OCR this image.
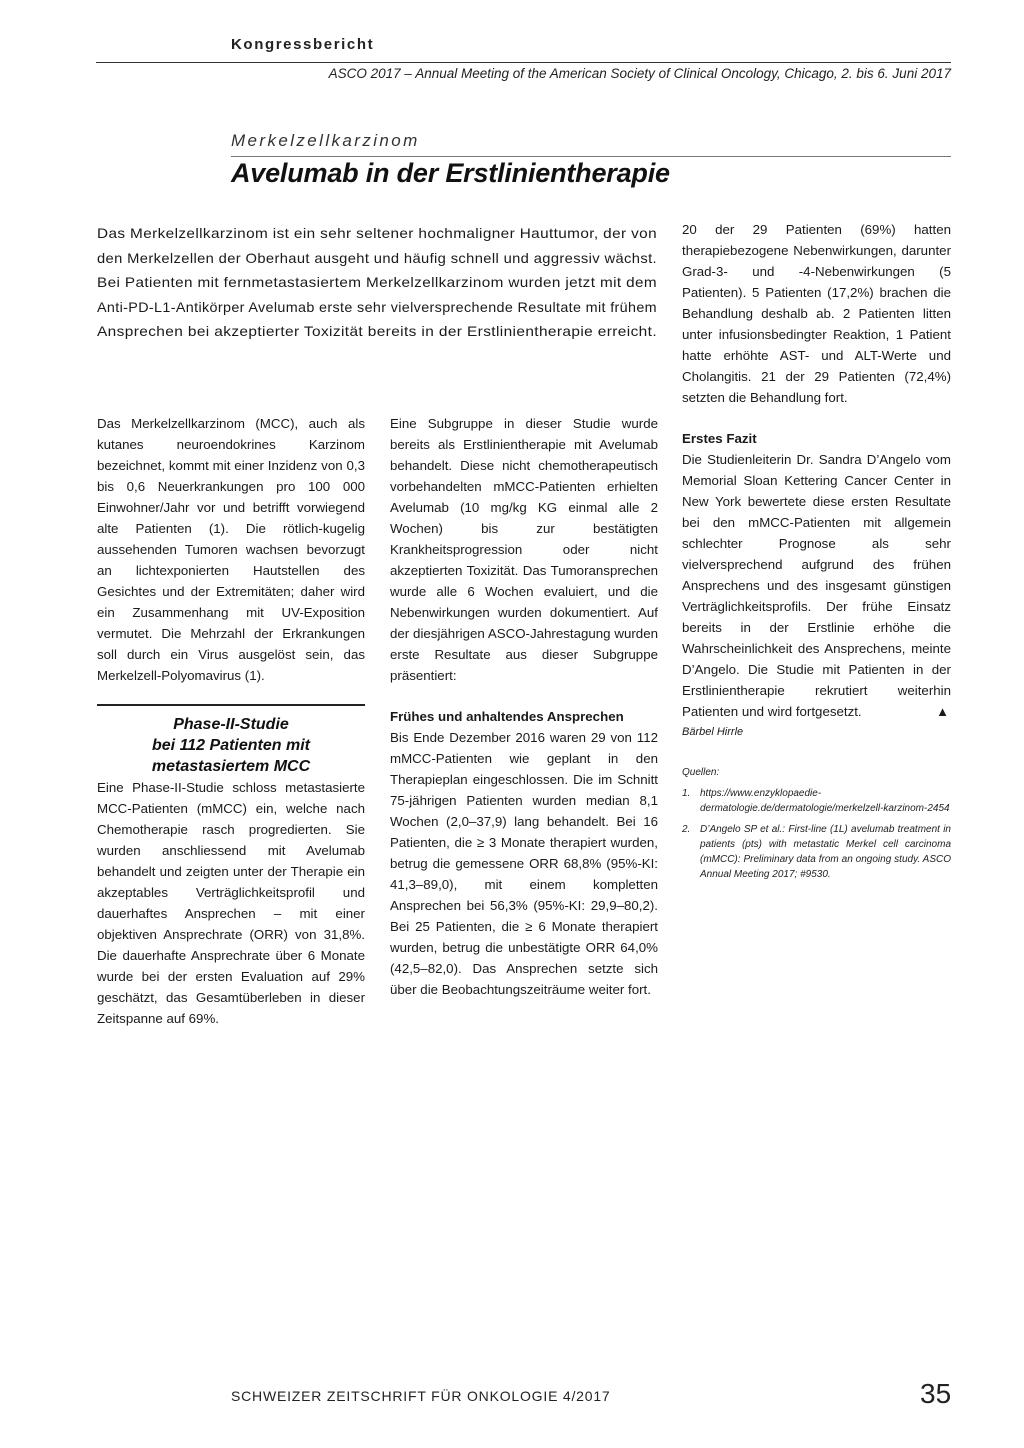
Kongressbericht
ASCO 2017 – Annual Meeting of the American Society of Clinical Oncology, Chicago, 2. bis 6. Juni 2017
Merkelzellkarzinom
Avelumab in der Erstlinientherapie

Das Merkelzellkarzinom ist ein sehr seltener hochmaligner Hauttumor, der von

den Merkelzellen der Oberhaut ausgeht und häufig schnell und aggressiv wächst.

Bei Patienten mit fernmetastasiertem Merkelzellkarzinom wurden jetzt mit dem

Anti-PD-L1-Antikörper Avelumab erste sehr vielversprechende Resultate mit frühem

Ansprechen bei akzeptierter Toxizität bereits in der Erstlinientherapie erreicht.

Das Merkelzellkarzinom (MCC), auch als kutanes neuroendokrines Karzinom bezeichnet, kommt mit einer Inzidenz von 0,3 bis 0,6 Neuerkrankungen pro 100 000 Einwohner/Jahr vor und betrifft vorwiegend alte Patienten (1). Die rötlich-kugelig aussehenden Tumoren wachsen bevorzugt an lichtexponierten Hautstellen des Gesichtes und der Extremitäten; daher wird ein Zusammenhang mit UV-Exposition vermutet. Die Mehrzahl der Erkrankungen soll durch ein Virus ausgelöst sein, das Merkelzell-Polyomavirus (1).

Phase-II-Studie
bei 112 Patienten mit
metastasiertem MCC

Eine Phase-II-Studie schloss metastasierte MCC-Patienten (mMCC) ein, welche nach Chemotherapie rasch progredierten. Sie wurden anschliessend mit Avelumab behandelt und zeigten unter der Therapie ein akzeptables Verträglichkeitsprofil und dauerhaftes Ansprechen – mit einer objektiven Ansprechrate (ORR) von 31,8%. Die dauerhafte Ansprechrate über 6 Monate wurde bei der ersten Evaluation auf 29% geschätzt, das Gesamtüberleben in dieser Zeitspanne auf 69%.

Eine Subgruppe in dieser Studie wurde bereits als Erstlinientherapie mit Avelumab behandelt. Diese nicht chemotherapeutisch vorbehandelten mMCC-Patienten erhielten Avelumab (10 mg/kg KG einmal alle 2 Wochen) bis zur bestätigten Krankheitsprogression oder nicht akzeptierten Toxizität. Das Tumoransprechen wurde alle 6 Wochen evaluiert, und die Nebenwirkungen wurden dokumentiert. Auf der diesjährigen ASCO-Jahrestagung wurden erste Resultate aus dieser Subgruppe präsentiert:

Frühes und anhaltendes Ansprechen

Bis Ende Dezember 2016 waren 29 von 112 mMCC-Patienten wie geplant in den Therapieplan eingeschlossen. Die im Schnitt 75-jährigen Patienten wurden median 8,1 Wochen (2,0–37,9) lang behandelt. Bei 16 Patienten, die ≥ 3 Monate therapiert wurden, betrug die gemessene ORR 68,8% (95%-KI: 41,3–89,0), mit einem kompletten Ansprechen bei 56,3% (95%-KI: 29,9–80,2). Bei 25 Patienten, die ≥ 6 Monate therapiert wurden, betrug die unbestätigte ORR 64,0% (42,5–82,0). Das Ansprechen setzte sich über die Beobachtungszeiträume weiter fort.

20 der 29 Patienten (69%) hatten therapiebezogene Nebenwirkungen, darunter Grad-3- und -4-Nebenwirkungen (5 Patienten). 5 Patienten (17,2%) brachen die Behandlung deshalb ab. 2 Patienten litten unter infusionsbedingter Reaktion, 1 Patient hatte erhöhte AST- und ALT-Werte und Cholangitis. 21 der 29 Patienten (72,4%) setzten die Behandlung fort.

Erstes Fazit

Die Studienleiterin Dr. Sandra D’Angelo vom Memorial Sloan Kettering Cancer Center in New York bewertete diese ersten Resultate bei den mMCC-Patienten mit allgemein schlechter Prognose als sehr vielversprechend aufgrund des frühen Ansprechens und des insgesamt günstigen Verträglichkeitsprofils. Der frühe Einsatz bereits in der Erstlinie erhöhe die Wahrscheinlichkeit des Ansprechens, meinte D’Angelo. Die Studie mit Patienten in der Erstlinientherapie rekrutiert weiterhin Patienten und wird fortgesetzt.	▲

Bärbel Hirrle

Quellen:
1. https://www.enzyklopaedie-dermatologie.de/dermatologie/merkelzell-karzinom-2454
2. D’Angelo SP et al.: First-line (1L) avelumab treatment in patients (pts) with metastatic Merkel cell carcinoma (mMCC): Preliminary data from an ongoing study. ASCO Annual Meeting 2017; #9530.
SCHWEIZER ZEITSCHRIFT FÜR ONKOLOGIE 4/2017	35
